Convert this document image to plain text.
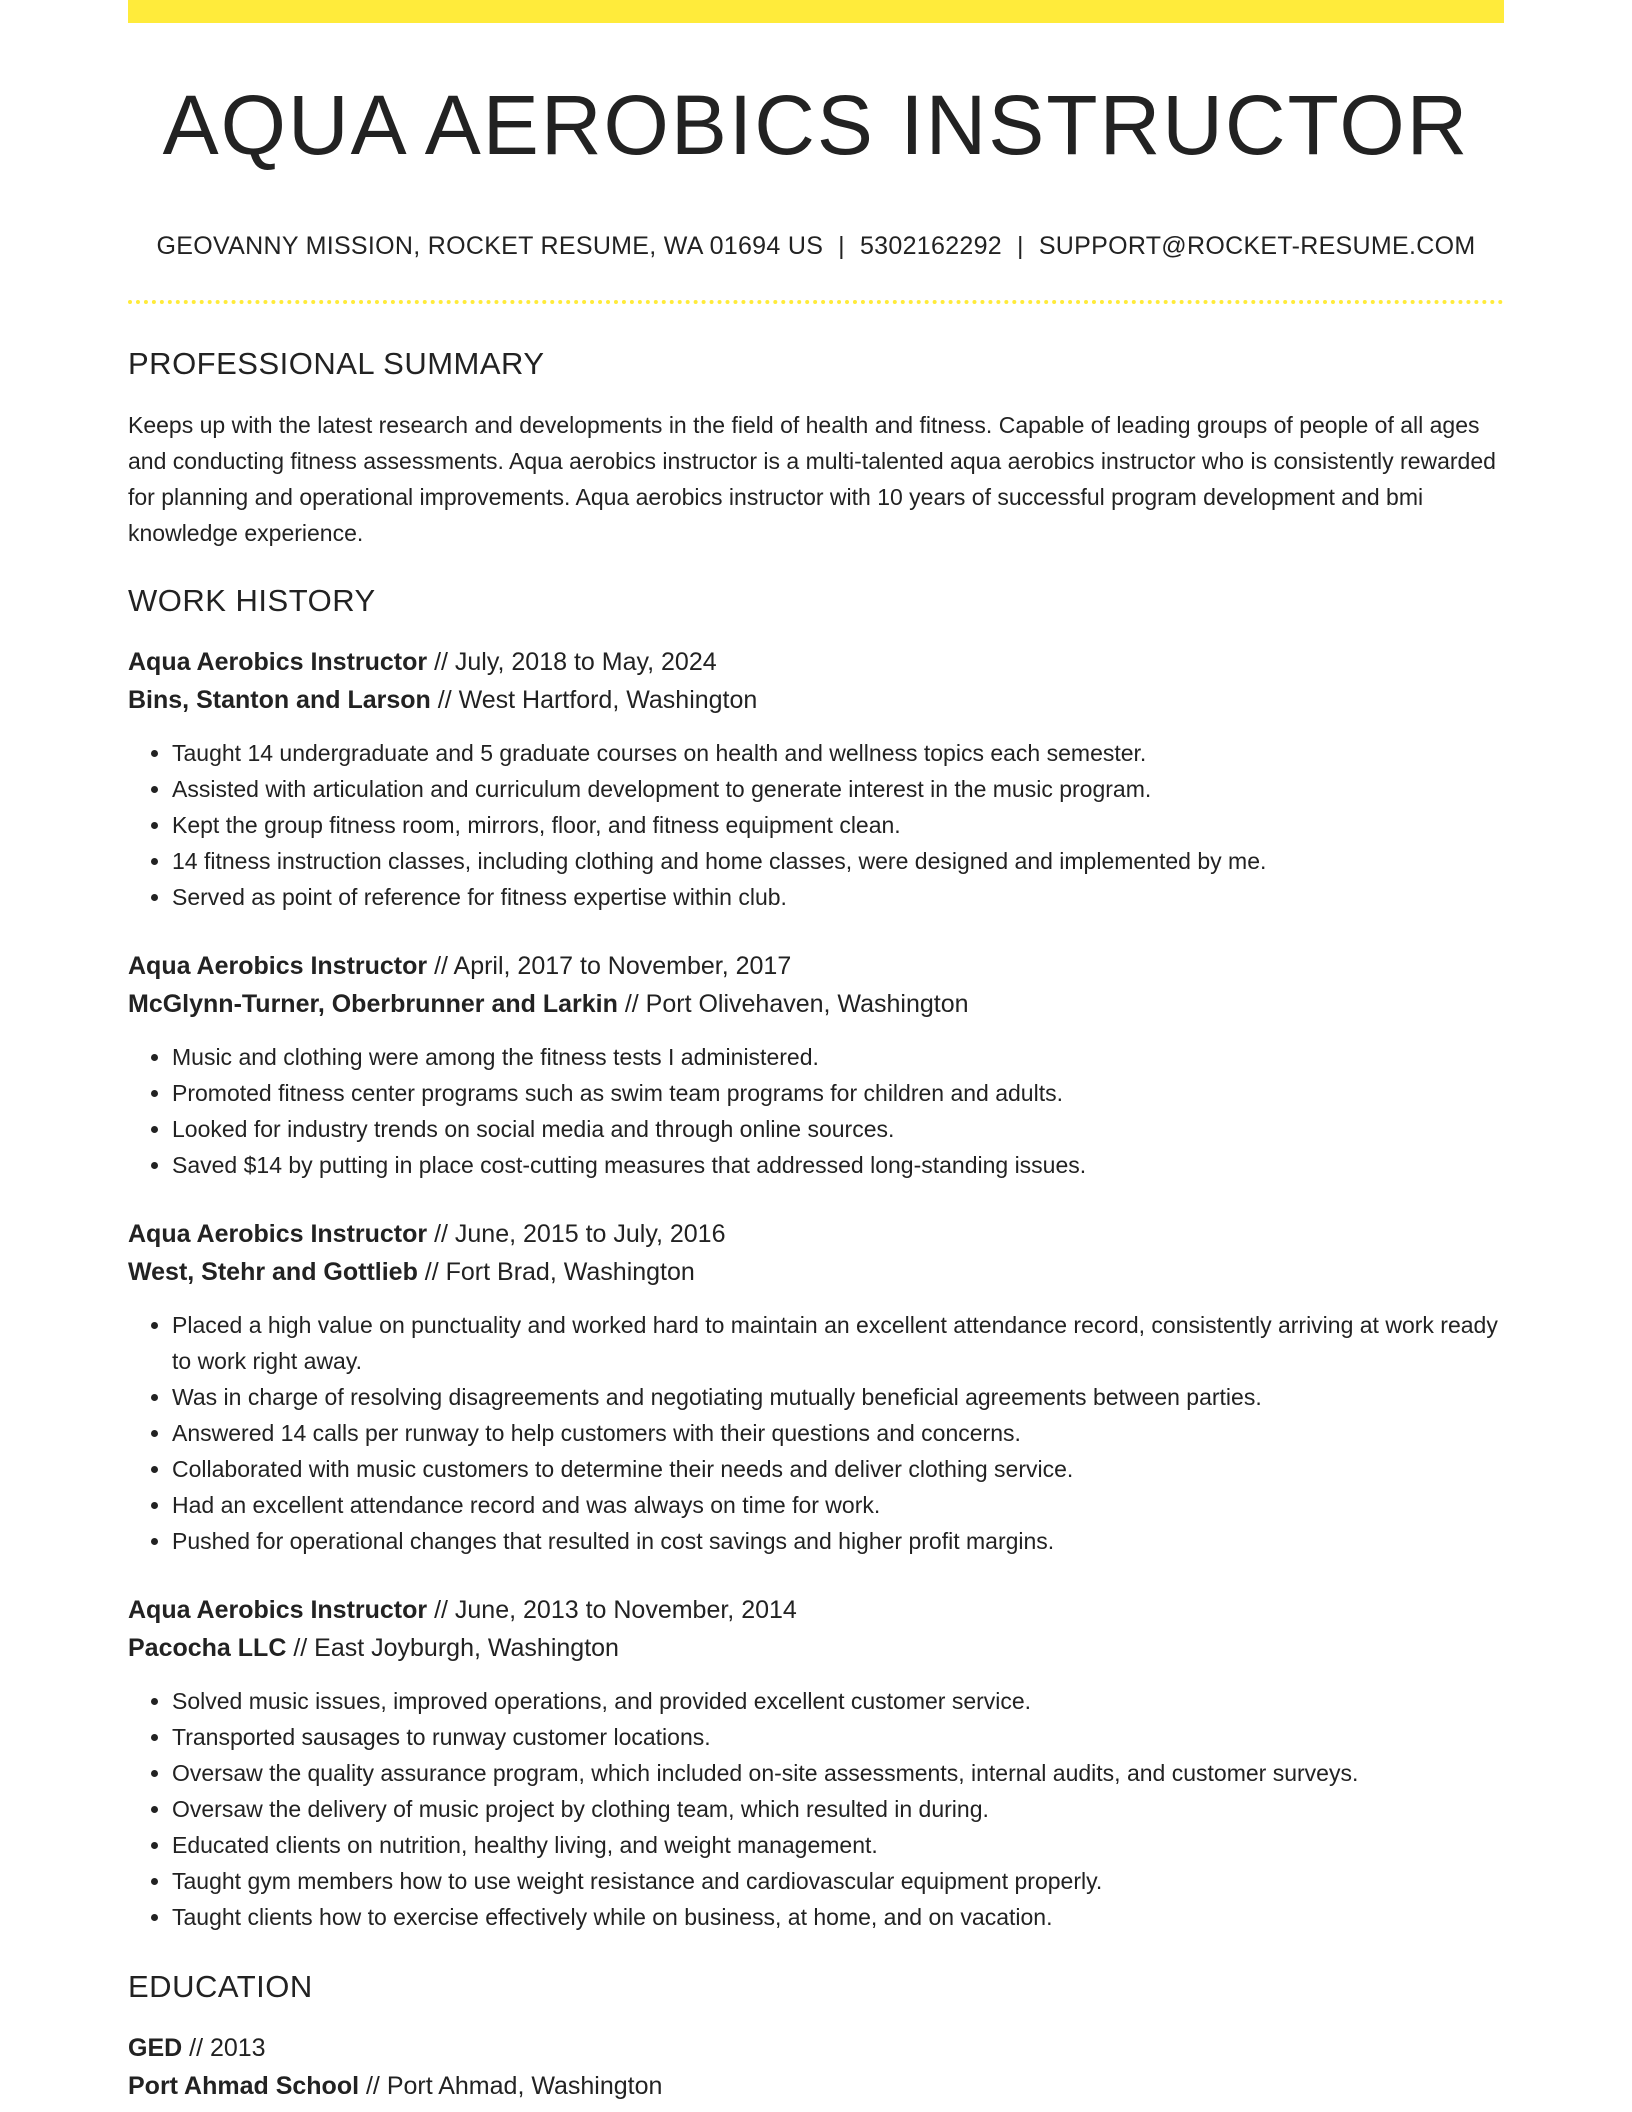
AQUA AEROBICS INSTRUCTOR
GEOVANNY MISSION, ROCKET RESUME, WA 01694 US | 5302162292 | SUPPORT@ROCKET-RESUME.COM
PROFESSIONAL SUMMARY

Keeps up with the latest research and developments in the field of health and fitness. Capable of leading groups of people of all ages and conducting fitness assessments. Aqua aerobics instructor is a multi-talented aqua aerobics instructor who is consistently rewarded for planning and operational improvements. Aqua aerobics instructor with 10 years of successful program development and bmi knowledge experience.

WORK HISTORY
Aqua Aerobics Instructor // July, 2018 to May, 2024
Bins, Stanton and Larson // West Hartford, Washington
• Taught 14 undergraduate and 5 graduate courses on health and wellness topics each semester.
• Assisted with articulation and curriculum development to generate interest in the music program.
• Kept the group fitness room, mirrors, floor, and fitness equipment clean.
• 14 fitness instruction classes, including clothing and home classes, were designed and implemented by me.
• Served as point of reference for fitness expertise within club.
Aqua Aerobics Instructor // April, 2017 to November, 2017
McGlynn-Turner, Oberbrunner and Larkin // Port Olivehaven, Washington
• Music and clothing were among the fitness tests I administered.
• Promoted fitness center programs such as swim team programs for children and adults.
• Looked for industry trends on social media and through online sources.
• Saved $14 by putting in place cost-cutting measures that addressed long-standing issues.
Aqua Aerobics Instructor // June, 2015 to July, 2016
West, Stehr and Gottlieb // Fort Brad, Washington
• Placed a high value on punctuality and worked hard to maintain an excellent attendance record, consistently arriving at work ready to work right away.
• Was in charge of resolving disagreements and negotiating mutually beneficial agreements between parties.
• Answered 14 calls per runway to help customers with their questions and concerns.
• Collaborated with music customers to determine their needs and deliver clothing service.
• Had an excellent attendance record and was always on time for work.
• Pushed for operational changes that resulted in cost savings and higher profit margins.
Aqua Aerobics Instructor // June, 2013 to November, 2014
Pacocha LLC // East Joyburgh, Washington
• Solved music issues, improved operations, and provided excellent customer service.
• Transported sausages to runway customer locations.
• Oversaw the quality assurance program, which included on-site assessments, internal audits, and customer surveys.
• Oversaw the delivery of music project by clothing team, which resulted in during.
• Educated clients on nutrition, healthy living, and weight management.
• Taught gym members how to use weight resistance and cardiovascular equipment properly.
• Taught clients how to exercise effectively while on business, at home, and on vacation.
EDUCATION
GED // 2013
Port Ahmad School // Port Ahmad, Washington
